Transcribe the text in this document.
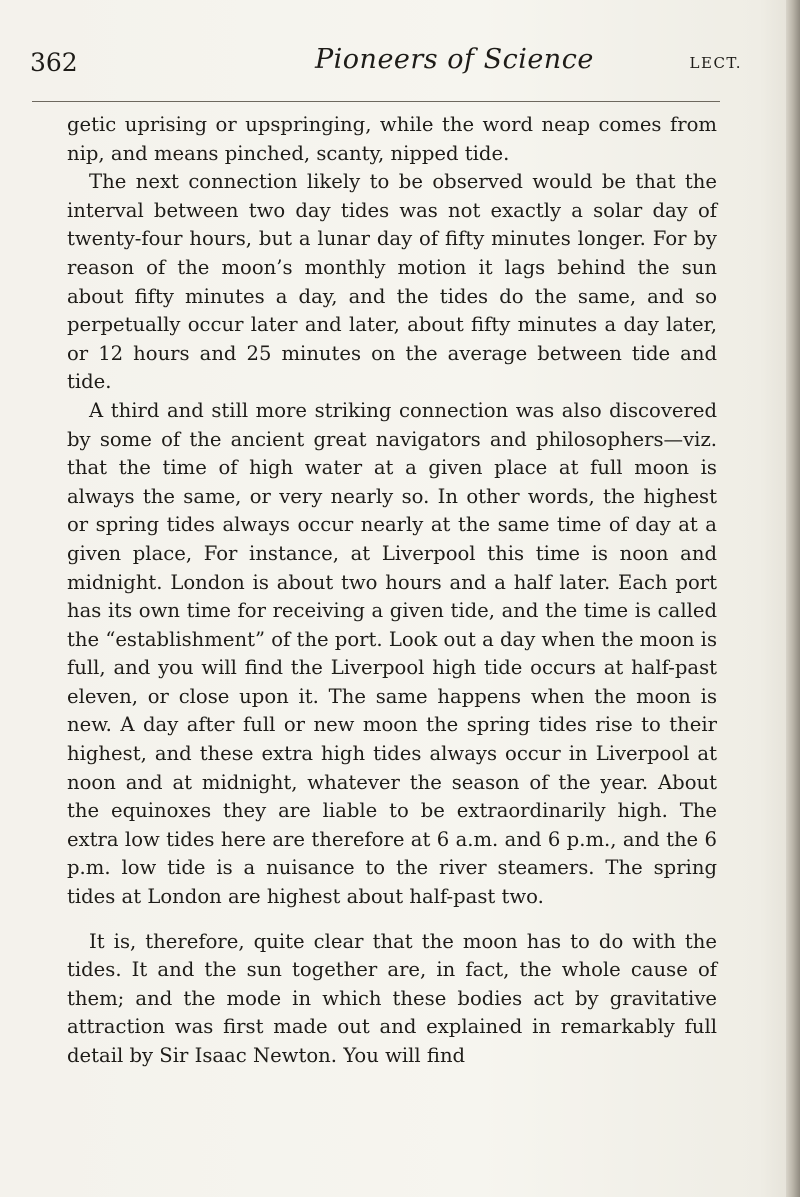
362	Pioneers of Science	LECT.

getic uprising or upspringing, while the word neap comes from nip, and means pinched, scanty, nipped tide.

The next connection likely to be observed would be that the interval between two day tides was not exactly a solar day of twenty-four hours, but a lunar day of fifty minutes longer. For by reason of the moon’s monthly motion it lags behind the sun about fifty minutes a day, and the tides do the same, and so perpetually occur later and later, about fifty minutes a day later, or 12 hours and 25 minutes on the average between tide and tide.

A third and still more striking connection was also discovered by some of the ancient great navigators and philosophers—viz. that the time of high water at a given place at full moon is always the same, or very nearly so. In other words, the highest or spring tides always occur nearly at the same time of day at a given place, For instance, at Liverpool this time is noon and midnight. London is about two hours and a half later. Each port has its own time for receiving a given tide, and the time is called the “establishment” of the port. Look out a day when the moon is full, and you will find the Liverpool high tide occurs at half-past eleven, or close upon it. The same happens when the moon is new. A day after full or new moon the spring tides rise to their highest, and these extra high tides always occur in Liverpool at noon and at midnight, whatever the season of the year. About the equinoxes they are liable to be extraordinarily high. The extra low tides here are therefore at 6 a.m. and 6 p.m., and the 6 p.m. low tide is a nuisance to the river steamers. The spring tides at London are highest about half-past two.

It is, therefore, quite clear that the moon has to do with the tides. It and the sun together are, in fact, the whole cause of them; and the mode in which these bodies act by gravitative attraction was first made out and explained in remarkably full detail by Sir Isaac Newton. You will find
